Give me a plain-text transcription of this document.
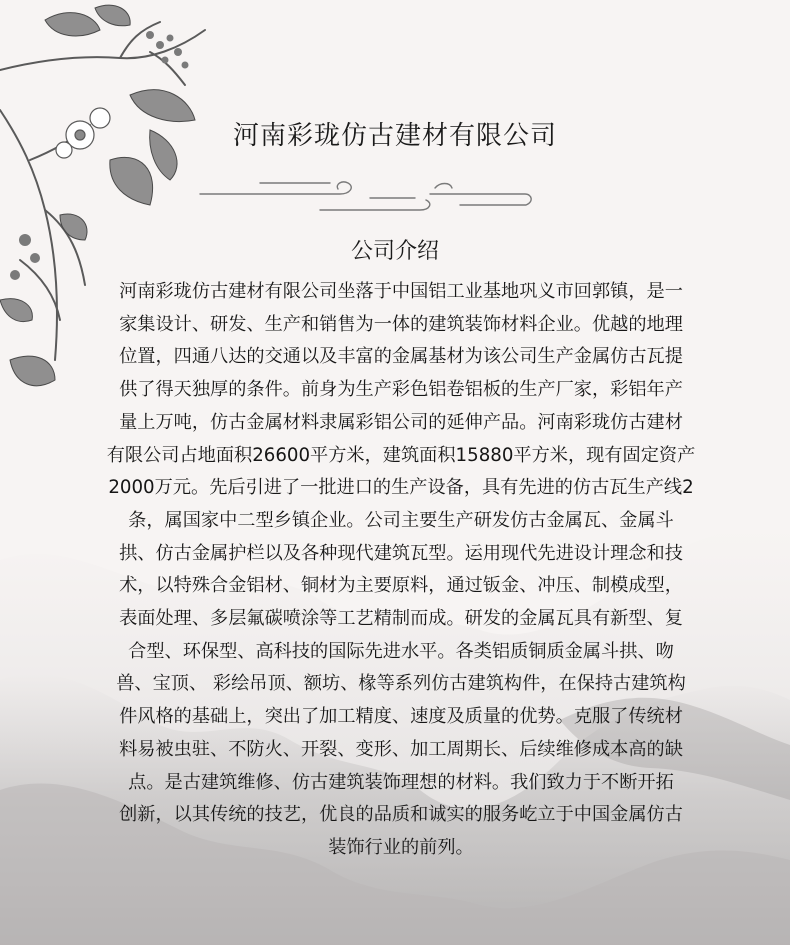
河南彩珑仿古建材有限公司
公司介绍
河南彩珑仿古建材有限公司坐落于中国铝工业基地巩义市回郭镇，是一
家集设计、研发、生产和销售为一体的建筑装饰材料企业。优越的地理
位置，四通八达的交通以及丰富的金属基材为该公司生产金属仿古瓦提
供了得天独厚的条件。前身为生产彩色铝卷铝板的生产厂家，彩铝年产
量上万吨，仿古金属材料隶属彩铝公司的延伸产品。河南彩珑仿古建材
有限公司占地面积26600平方米，建筑面积15880平方米，现有固定资产
2000万元。先后引进了一批进口的生产设备，具有先进的仿古瓦生产线2
条，属国家中二型乡镇企业。公司主要生产研发仿古金属瓦、金属斗
拱、仿古金属护栏以及各种现代建筑瓦型。运用现代先进设计理念和技
术，以特殊合金铝材、铜材为主要原料，通过钣金、冲压、制模成型，
表面处理、多层氟碳喷涂等工艺精制而成。研发的金属瓦具有新型、复
合型、环保型、高科技的国际先进水平。各类铝质铜质金属斗拱、吻
兽、宝顶、 彩绘吊顶、额坊、椽等系列仿古建筑构件，在保持古建筑构
件风格的基础上，突出了加工精度、速度及质量的优势。克服了传统材
料易被虫驻、不防火、开裂、变形、加工周期长、后续维修成本高的缺
点。是古建筑维修、仿古建筑装饰理想的材料。我们致力于不断开拓
创新，以其传统的技艺，优良的品质和诚实的服务屹立于中国金属仿古
装饰行业的前列。
